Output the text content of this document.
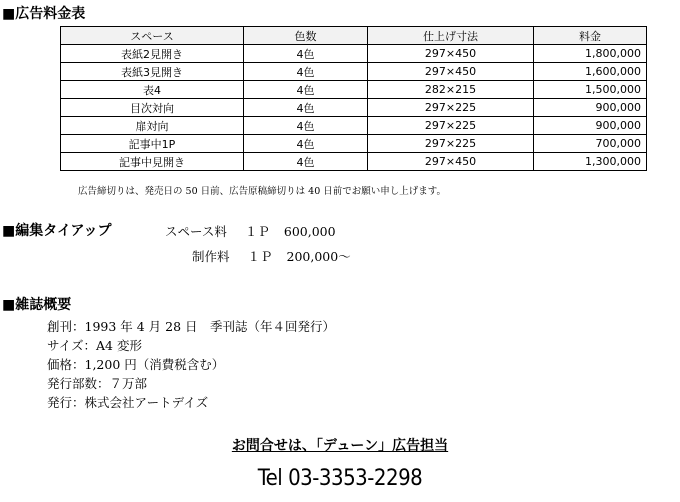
■広告料金表
スペース	色数	仕上げ寸法	料金
表紙2見開き	4色	297×450	1,800,000
表紙3見開き	4色	297×450	1,600,000
表4	4色	282×215	1,500,000
目次対向	4色	297×225	900,000
扉対向	4色	297×225	900,000
記事中1P	4色	297×225	700,000
記事中見開き	4色	297×450	1,300,000
広告締切りは、発売日の 50 日前、広告原稿締切りは 40 日前でお願い申し上げます。
■編集タイアップ	スペース料 １Ｐ 600,000
制作料 １Ｐ 200,000～
■雑誌概要
創刊：1993 年 4 月 28 日　季刊誌（年４回発行）
サイズ：A4 変形
価格：1,200 円（消費税含む）
発行部数：７万部
発行：株式会社アートデイズ
お問合せは、「デューン」広告担当
Tel 03-3353-2298
